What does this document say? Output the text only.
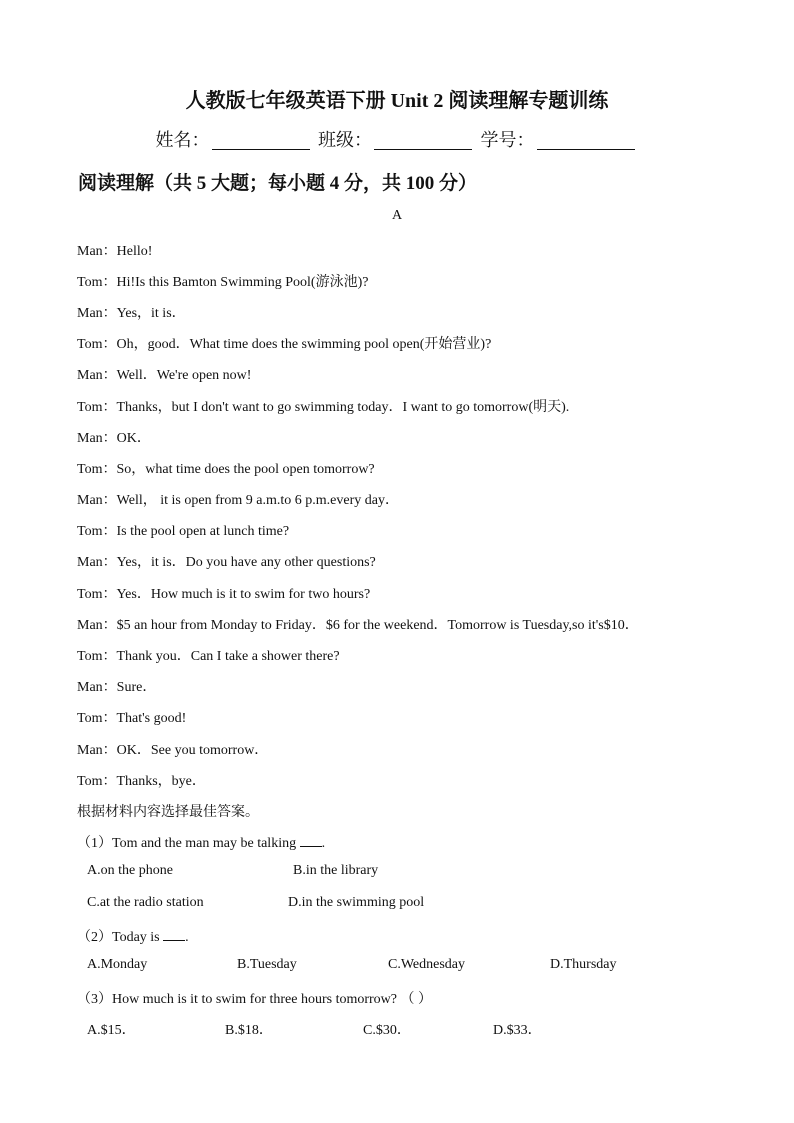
人教版七年级英语下册 Unit 2 阅读理解专题训练
姓名：	班级：	学号：
阅读理解（共 5 大题；每小题 4 分，共 100 分）
A
Man：Hello!
Tom：Hi!Is this Bamton Swimming Pool(游泳池)?
Man：Yes，it is．
Tom：Oh，good．What time does the swimming pool open(开始营业)?
Man：Well．We're open now!
Tom：Thanks，but I don't want to go swimming today．I want to go tomorrow(明天).
Man：OK．
Tom：So，what time does the pool open tomorrow?
Man：Well， it is open from 9 a.m.to 6 p.m.every day．
Tom：Is the pool open at lunch time?
Man：Yes，it is．Do you have any other questions?
Tom：Yes．How much is it to swim for two hours?
Man：$5 an hour from Monday to Friday．$6 for the weekend．Tomorrow is Tuesday,so it's$10．
Tom：Thank you．Can I take a shower there?
Man：Sure．
Tom：That's good!
Man：OK．See you tomorrow．
Tom：Thanks，bye．
根据材料内容选择最佳答案。
（1）Tom and the man may be talking .
A.on the phone	B.in the library
C.at the radio station	D.in the swimming pool
（2）Today is .
A.Monday	B.Tuesday	C.Wednesday	D.Thursday
（3）How much is it to swim for three hours tomorrow? （ ）
A.$15．	B.$18．	C.$30．	D.$33．
